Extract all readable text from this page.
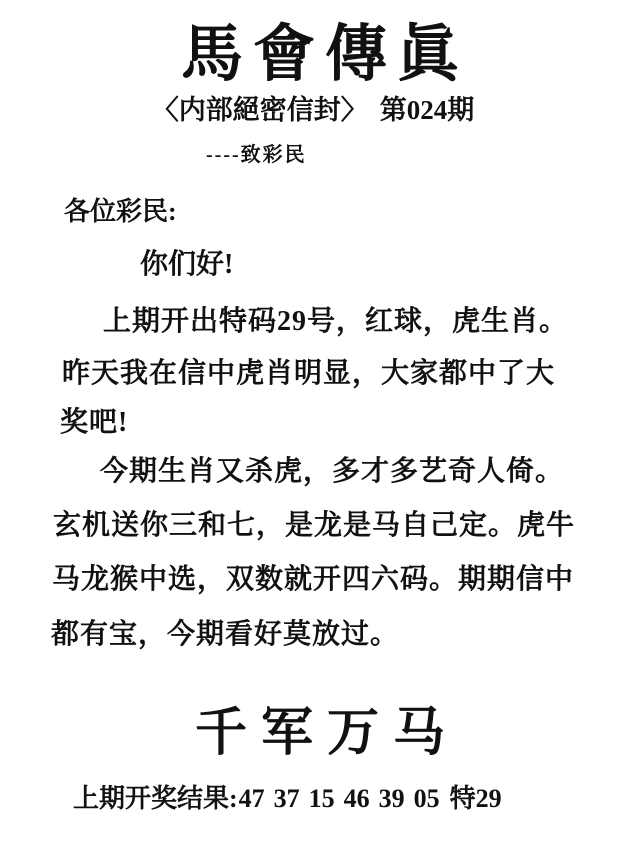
馬會傳眞
〈内部絕密信封〉 第024期
----致彩民
各位彩民:
你们好!
上期开出特码29号，红球，虎生肖。
昨天我在信中虎肖明显，大家都中了大
奖吧!
今期生肖又杀虎，多才多艺奇人倚。
玄机送你三和七，是龙是马自己定。虎牛
马龙猴中选，双数就开四六码。期期信中
都有宝，今期看好莫放过。
千军万马
上期开奖结果:47 37 15 46 39 05 特29
